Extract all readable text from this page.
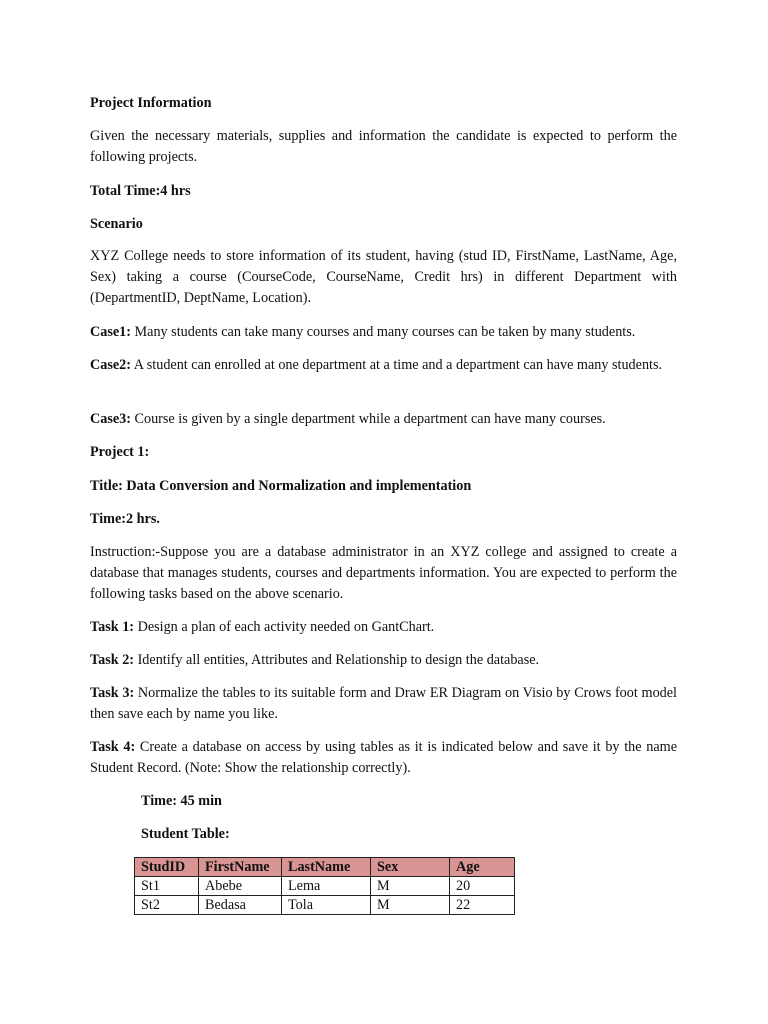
Project Information

Given the necessary materials, supplies and information the candidate is expected to perform the following projects.

Total Time:4 hrs

Scenario

XYZ College needs to store information of its student, having (stud ID, FirstName, LastName, Age, Sex) taking a course (CourseCode, CourseName, Credit hrs) in different Department with (DepartmentID, DeptName, Location).

Case1: Many students can take many courses and many courses can be taken by many students.

Case2: A student can enrolled at one department at a time and a department can have many students.

Case3: Course is given by a single department while a department can have many courses.

Project 1:

Title: Data Conversion and Normalization and implementation

Time:2 hrs.

Instruction:-Suppose you are a database administrator in an XYZ college and assigned to create a database that manages students, courses and departments information. You are expected to perform the following tasks based on the above scenario.

Task 1: Design a plan of each activity needed on GantChart.

Task 2: Identify all entities, Attributes and Relationship to design the database.

Task 3: Normalize the tables to its suitable form and Draw ER Diagram on Visio by Crows foot model then save each by name you like.

Task 4: Create a database on access by using tables as it is indicated below and save it by the name Student Record. (Note: Show the relationship correctly).

Time: 45 min

Student Table:

StudID	FirstName	LastName	Sex	Age
St1	Abebe	Lema	M	20
St2	Bedasa	Tola	M	22
